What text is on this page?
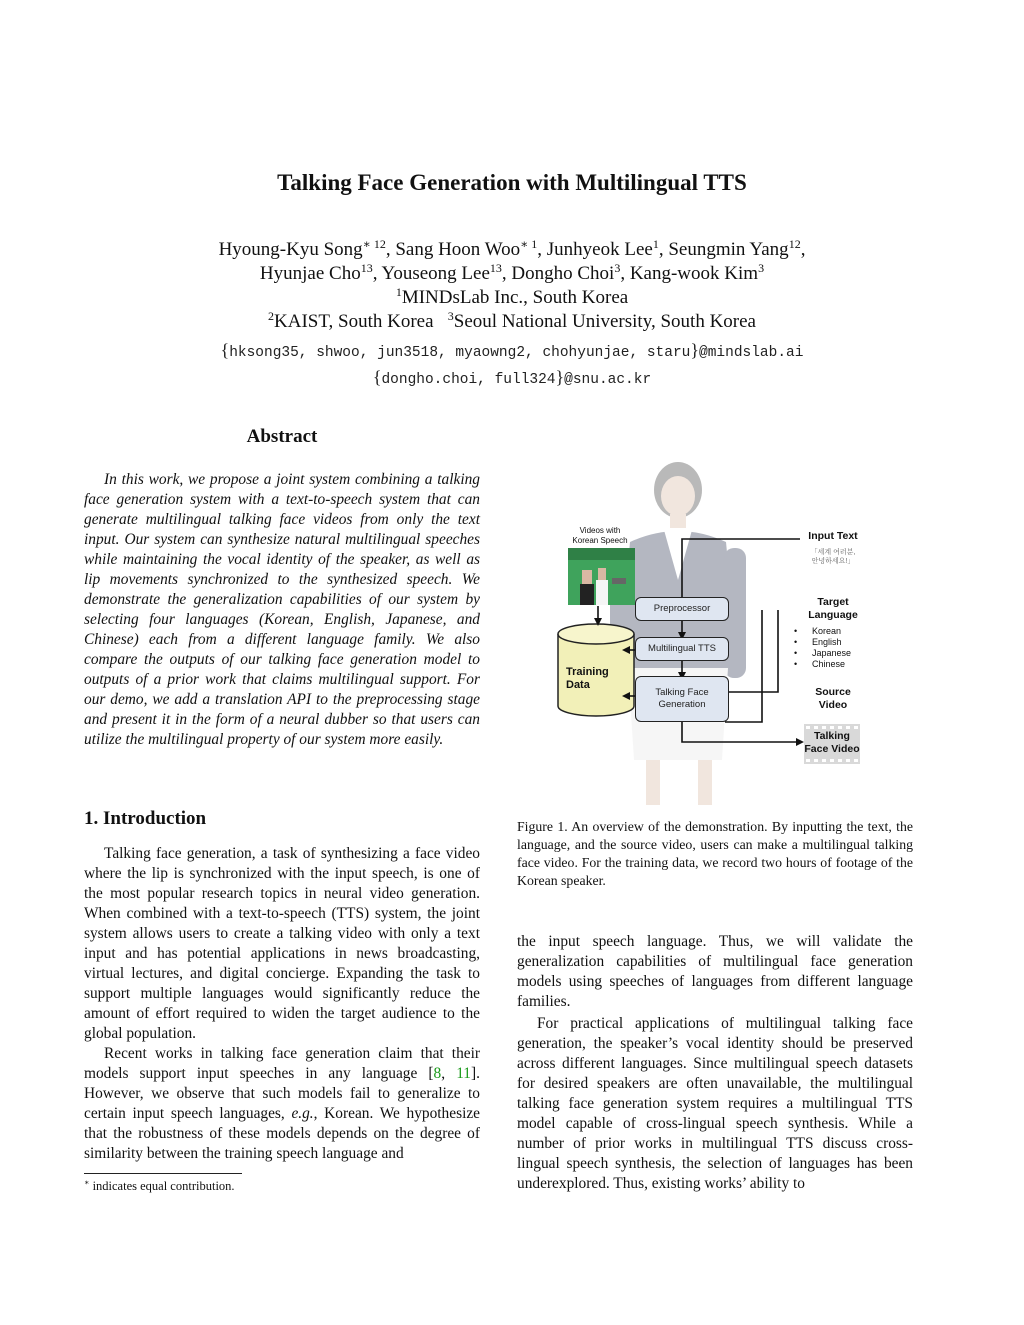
Talking Face Generation with Multilingual TTS
Hyoung-Kyu Song$^{∗ 12}$, Sang Hoon Woo$^{∗ 1}$, Junhyeok Lee$^1$, Seungmin Yang$^{12}$,
Hyunjae Cho$^{13}$, Youseong Lee$^{13}$, Dongho Choi$^3$, Kang-wook Kim$^3$
$^1$MINDsLab Inc., South Korea
$^2$KAIST, South Korea $^3$Seoul National University, South Korea
{hksong35, shwoo, jun3518, myaowng2, chohyunjae, staru}@mindslab.ai
{dongho.choi, full324}@snu.ac.kr
Abstract

In this work, we propose a joint system combining a talking face generation system with a text-to-speech system that can generate multilingual talking face videos from only the text input. Our system can synthesize natural multilingual speeches while maintaining the vocal identity of the speaker, as well as lip movements synchronized to the synthesized speech. We demonstrate the generalization capabilities of our system by selecting four languages (Korean, English, Japanese, and Chinese) each from a different language family. We also compare the outputs of our talking face generation model to outputs of a prior work that claims multilingual support. For our demo, we add a translation API to the preprocessing stage and present it in the form of a neural dubber so that users can utilize the multilingual property of our system more easily.

1. Introduction

Talking face generation, a task of synthesizing a face video where the lip is synchronized with the input speech, is one of the most popular research topics in neural video generation. When combined with a text-to-speech (TTS) system, the joint system allows users to create a talking video with only a text input and has potential applications in news broadcasting, virtual lectures, and digital concierge. Expanding the task to support multiple languages would significantly reduce the amount of effort required to widen the target audience to the global population.

Recent works in talking face generation claim that their models support input speeches in any language [8, 11]. However, we observe that such models fail to generalize to certain input speech languages, e.g., Korean. We hypothesize that the robustness of these models depends on the degree of similarity between the training speech language and

∗ indicates equal contribution.
Videos with
Korean Speech
Training
Data
Preprocessor
Multilingual TTS
Talking Face
Generation
Input Text
「세계 여러분,
안녕하세요!」
Target
Language
• Korean
• English
• Japanese
• Chinese
Source
Video
Talking
Face Video
Figure 1. An overview of the demonstration. By inputting the text, the language, and the source video, users can make a multilingual talking face video. For the training data, we record two hours of footage of the Korean speaker.

the input speech language. Thus, we will validate the generalization capabilities of multilingual face generation models using speeches of languages from different language families.

For practical applications of multilingual talking face generation, the speaker’s vocal identity should be preserved across different languages. Since multilingual speech datasets for desired speakers are often unavailable, the multilingual talking face generation system requires a multilingual TTS model capable of cross-lingual speech synthesis. While a number of prior works in multilingual TTS discuss cross-lingual speech synthesis, the selection of languages has been underexplored. Thus, existing works’ ability to
